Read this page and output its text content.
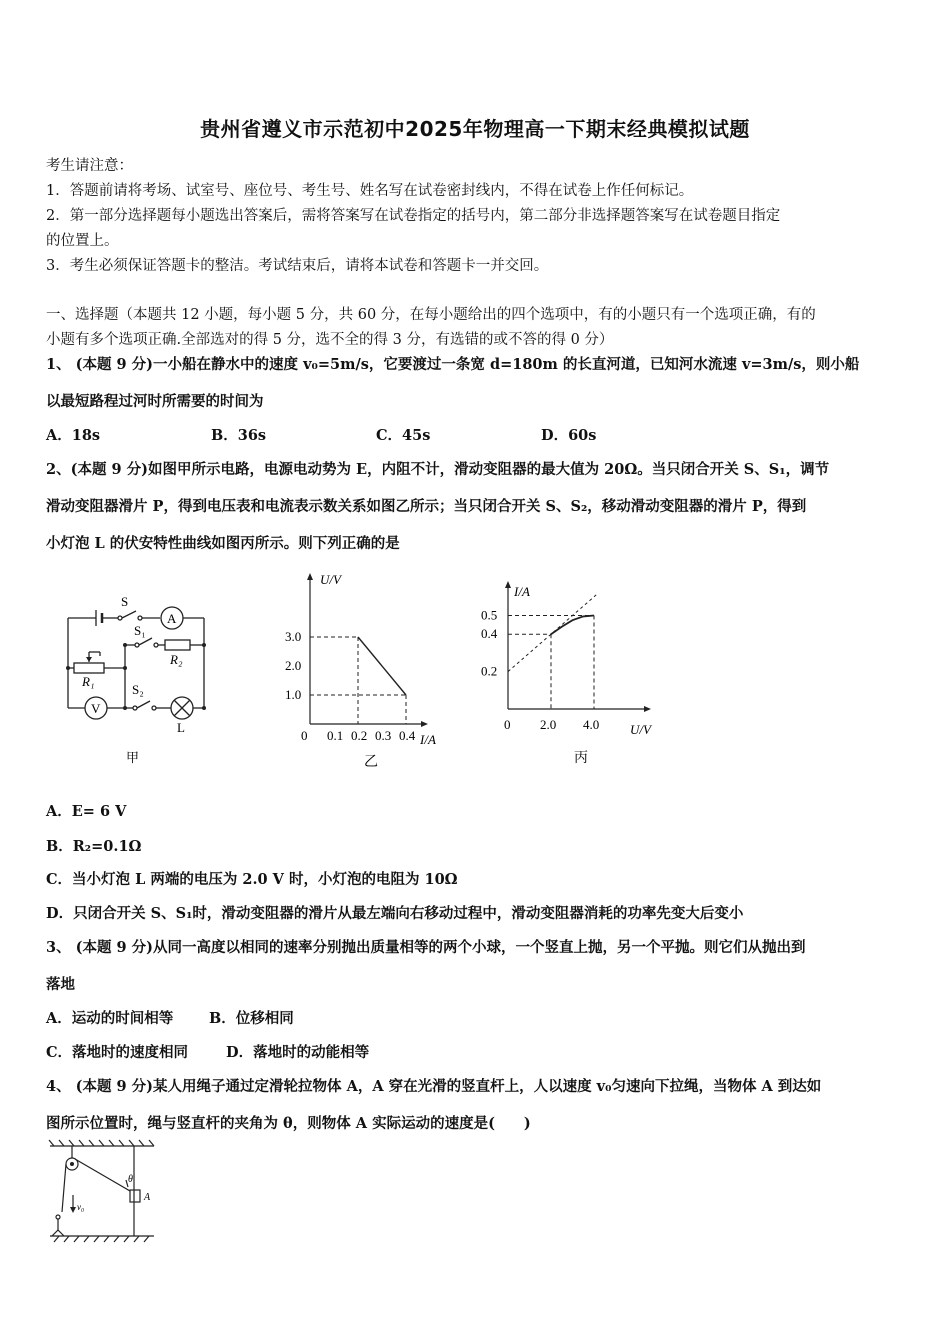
贵州省遵义市示范初中2025年物理高一下期末经典模拟试题
考生请注意：
1．答题前请将考场、试室号、座位号、考生号、姓名写在试卷密封线内，不得在试卷上作任何标记。
2．第一部分选择题每小题选出答案后，需将答案写在试卷指定的括号内，第二部分非选择题答案写在试卷题目指定
的位置上。
3．考生必须保证答题卡的整洁。考试结束后，请将本试卷和答题卡一并交回。
一、选择题（本题共 12 小题，每小题 5 分，共 60 分，在每小题给出的四个选项中，有的小题只有一个选项正确，有的
小题有多个选项正确.全部选对的得 5 分，选不全的得 3 分，有选错的或不答的得 0 分）
1、 (本题 9 分)一小船在静水中的速度 v₀=5m/s，它要渡过一条宽 d=180m 的长直河道，已知河水流速 v=3m/s，则小船
以最短路程过河时所需要的时间为
A．18s	B．36s	C．45s	D．60s
2、(本题 9 分)如图甲所示电路，电源电动势为 E，内阻不计，滑动变阻器的最大值为 20Ω。当只闭合开关 S、S₁，调节
滑动变阻器滑片 P，得到电压表和电流表示数关系如图乙所示；当只闭合开关 S、S₂，移动滑动变阻器的滑片 P，得到
小灯泡 L 的伏安特性曲线如图丙所示。则下列正确的是
S
A
S₁
R₂
R₁
S₂
V
L
甲
U/V
I/A
乙
0 0.1 0.2 0.3 0.4
1.0
2.0
3.0
I/A
U/V
丙
0 2.0 4.0
0.2
0.4
0.5
A．E= 6 V
B．R₂=0.1Ω
C．当小灯泡 L 两端的电压为 2.0 V 时，小灯泡的电阻为 10Ω
D．只闭合开关 S、S₁时，滑动变阻器的滑片从最左端向右移动过程中，滑动变阻器消耗的功率先变大后变小
3、 (本题 9 分)从同一高度以相同的速率分别抛出质量相等的两个小球，一个竖直上抛，另一个平抛。则它们从抛出到
落地
A．运动的时间相等 B．位移相同
C．落地时的速度相同	D．落地时的动能相等
4、 (本题 9 分)某人用绳子通过定滑轮拉物体 A，A 穿在光滑的竖直杆上，人以速度 v₀匀速向下拉绳，当物体 A 到达如
图所示位置时，绳与竖直杆的夹角为 θ，则物体 A 实际运动的速度是(　　)
θ
A
v₀
